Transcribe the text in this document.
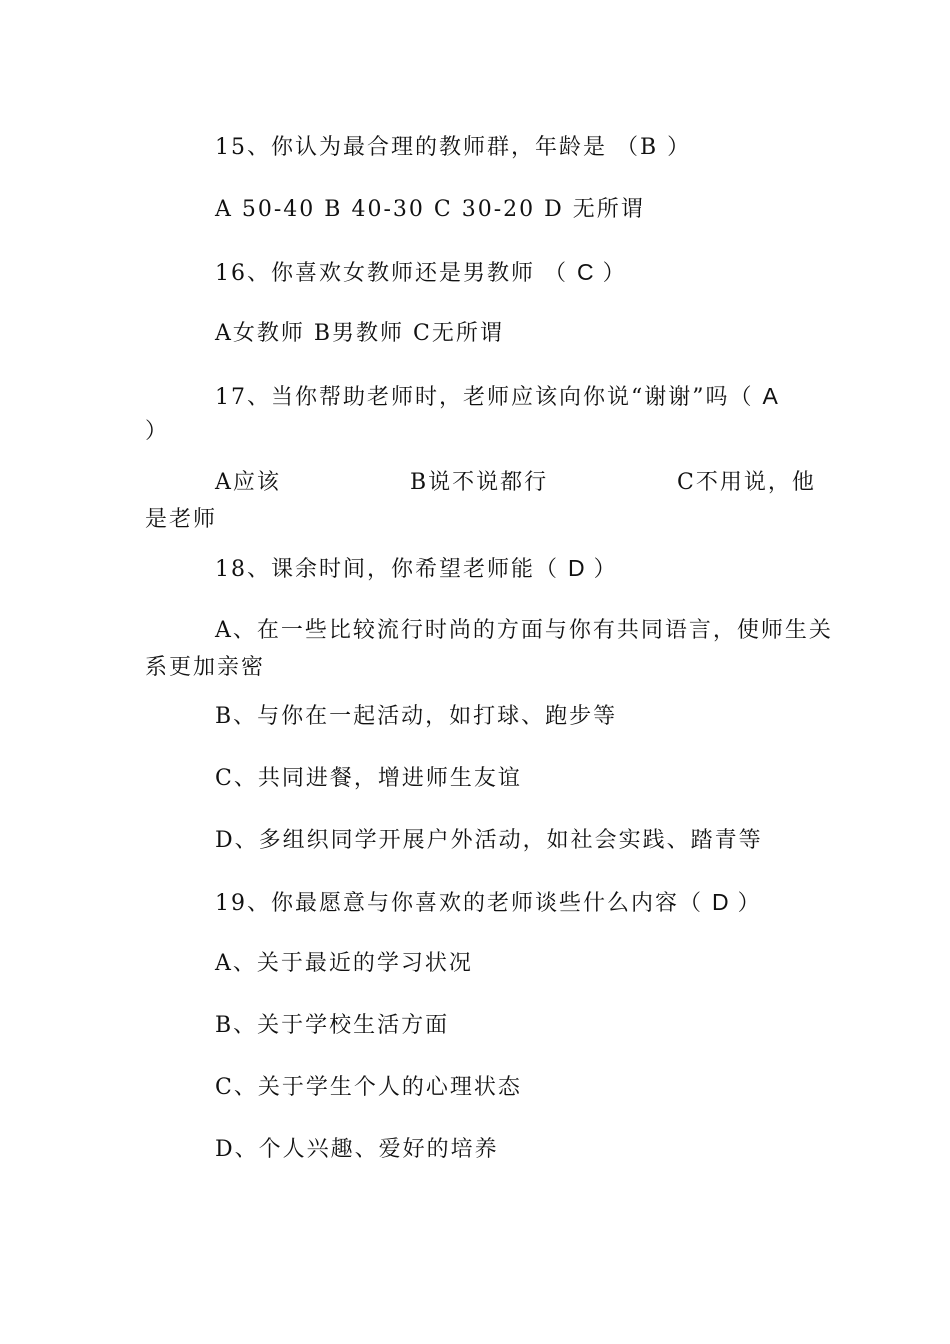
15、你认为最合理的教师群，年龄是 （B ）
A 50-40 B 40-30 C 30-20 D 无所谓
16、你喜欢女教师还是男教师 （ C ）
A女教师 B男教师 C无所谓
17、当你帮助老师时，老师应该向你说“谢谢”吗（ A
）
A应该	B说不说都行	C不用说，他
是老师
18、课余时间，你希望老师能（ D ）
A、在一些比较流行时尚的方面与你有共同语言，使师生关
系更加亲密
B、与你在一起活动，如打球、跑步等
C、共同进餐，增进师生友谊
D、多组织同学开展户外活动，如社会实践、踏青等
19、你最愿意与你喜欢的老师谈些什么内容（ D ）
A、关于最近的学习状况
B、关于学校生活方面
C、关于学生个人的心理状态
D、个人兴趣、爱好的培养
